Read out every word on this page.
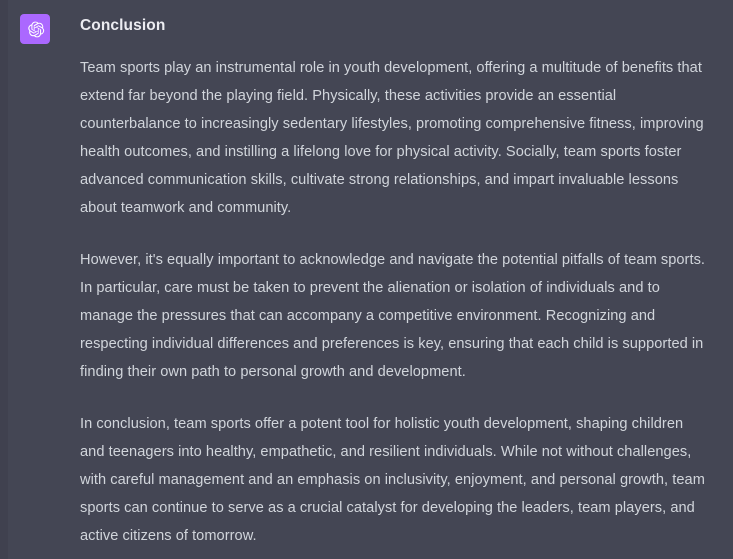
Conclusion

Team sports play an instrumental role in youth development, offering a multitude of benefits that extend far beyond the playing field. Physically, these activities provide an essential counterbalance to increasingly sedentary lifestyles, promoting comprehensive fitness, improving health outcomes, and instilling a lifelong love for physical activity. Socially, team sports foster advanced communication skills, cultivate strong relationships, and impart invaluable lessons about teamwork and community.

However, it's equally important to acknowledge and navigate the potential pitfalls of team sports. In particular, care must be taken to prevent the alienation or isolation of individuals and to manage the pressures that can accompany a competitive environment. Recognizing and respecting individual differences and preferences is key, ensuring that each child is supported in finding their own path to personal growth and development.

In conclusion, team sports offer a potent tool for holistic youth development, shaping children and teenagers into healthy, empathetic, and resilient individuals. While not without challenges, with careful management and an emphasis on inclusivity, enjoyment, and personal growth, team sports can continue to serve as a crucial catalyst for developing the leaders, team players, and active citizens of tomorrow.
